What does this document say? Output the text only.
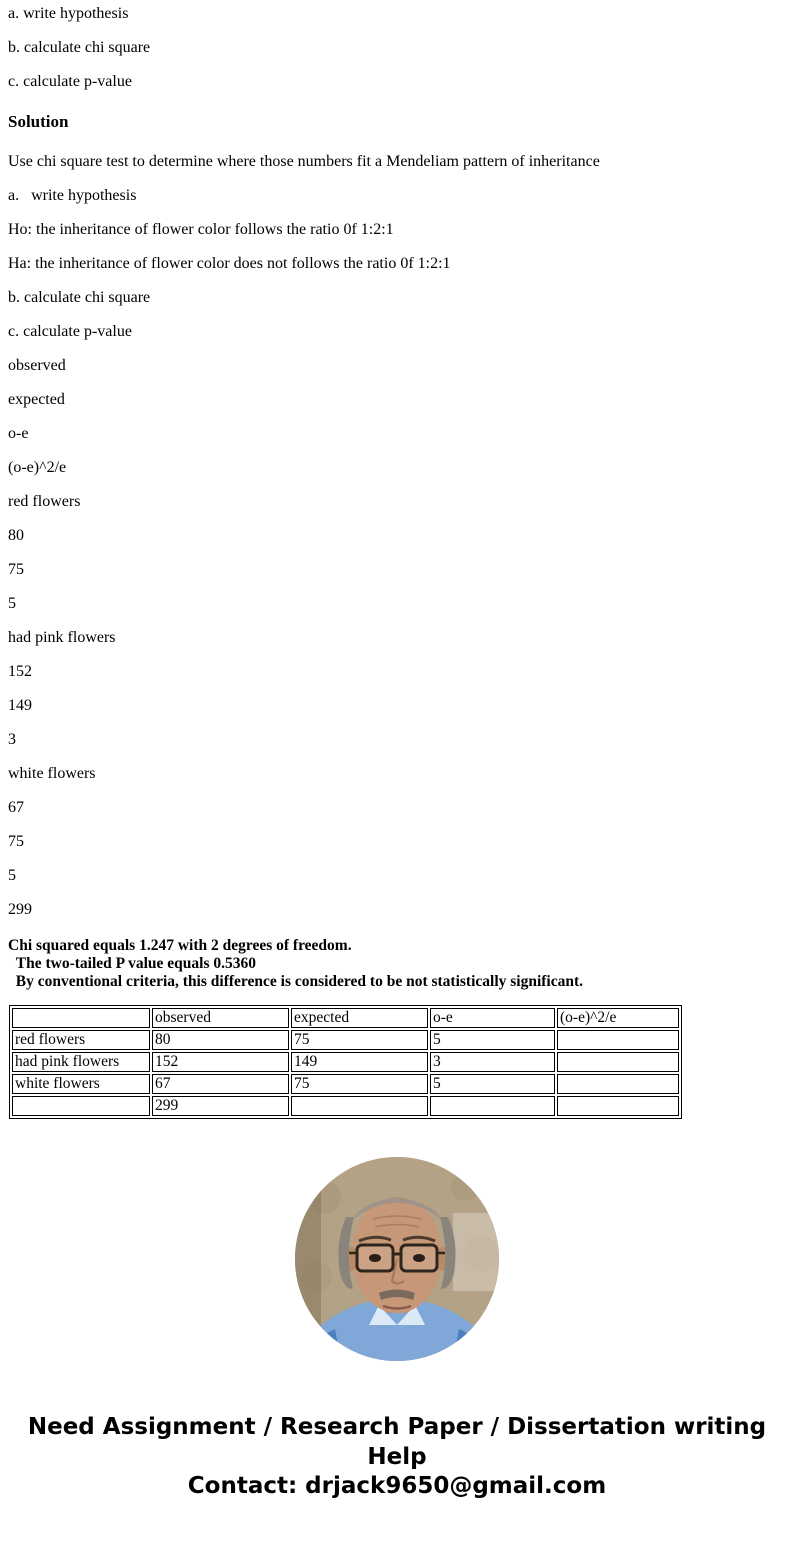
a. write hypothesis

b. calculate chi square

c. calculate p-value

Solution

Use chi square test to determine where those numbers fit a Mendeliam pattern of inheritance

a.   write hypothesis

Ho: the inheritance of flower color follows the ratio 0f 1:2:1

Ha: the inheritance of flower color does not follows the ratio 0f 1:2:1

b. calculate chi square

c. calculate p-value

observed

expected

o-e

(o-e)^2/e

red flowers

80

75

5

had pink flowers

152

149

3

white flowers

67

75

5

299

Chi squared equals 1.247 with 2 degrees of freedom.
The two-tailed P value equals 0.5360
By conventional criteria, this difference is considered to be not statistically significant.
	observed	expected	o-e	(o-e)^2/e
red flowers	80	75	5	
had pink flowers	152	149	3	
white flowers	67	75	5	
	299			
Need Assignment / Research Paper / Dissertation writing Help
Contact: drjack9650@gmail.com
